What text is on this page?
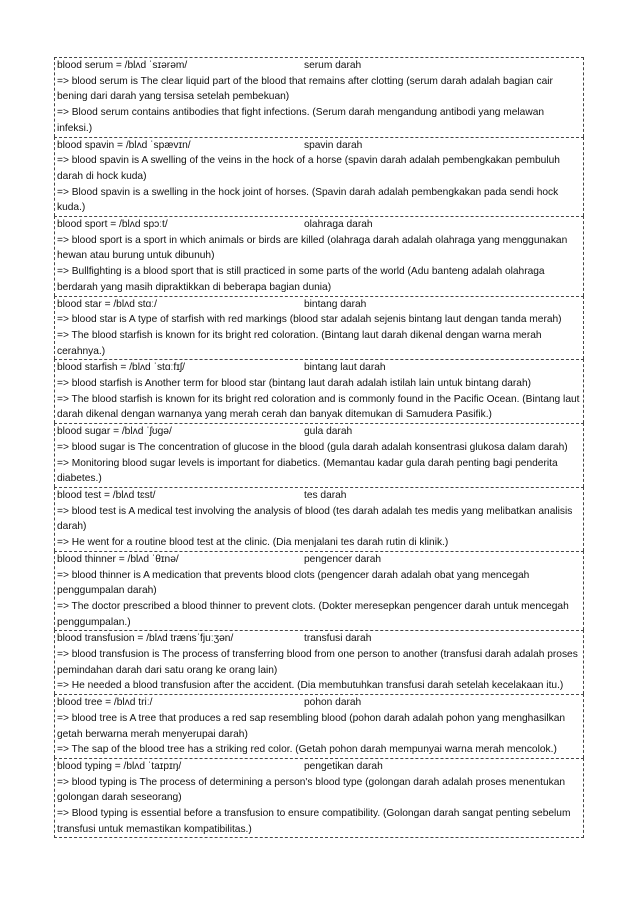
blood serum = /blʌd ˈsɪərəm/	serum darah

=> blood serum is The clear liquid part of the blood that remains after clotting (serum darah adalah bagian cair bening dari darah yang tersisa setelah pembekuan)

=> Blood serum contains antibodies that fight infections. (Serum darah mengandung antibodi yang melawan infeksi.)

blood spavin = /blʌd ˈspævɪn/	spavin darah

=> blood spavin is A swelling of the veins in the hock of a horse (spavin darah adalah pembengkakan pembuluh darah di hock kuda)

=> Blood spavin is a swelling in the hock joint of horses. (Spavin darah adalah pembengkakan pada sendi hock kuda.)

blood sport = /blʌd spɔːt/	olahraga darah

=> blood sport is a sport in which animals or birds are killed (olahraga darah adalah olahraga yang menggunakan hewan atau burung untuk dibunuh)

=> Bullfighting is a blood sport that is still practiced in some parts of the world (Adu banteng adalah olahraga berdarah yang masih dipraktikkan di beberapa bagian dunia)

blood star = /blʌd stɑː/	bintang darah

=> blood star is A type of starfish with red markings (blood star adalah sejenis bintang laut dengan tanda merah)

=> The blood starfish is known for its bright red coloration. (Bintang laut darah dikenal dengan warna merah cerahnya.)

blood starfish = /blʌd ˈstɑːfɪʃ/	bintang laut darah

=> blood starfish is Another term for blood star (bintang laut darah adalah istilah lain untuk bintang darah)

=> The blood starfish is known for its bright red coloration and is commonly found in the Pacific Ocean. (Bintang laut darah dikenal dengan warnanya yang merah cerah dan banyak ditemukan di Samudera Pasifik.)

blood sugar = /blʌd ˈʃʊɡə/	gula darah

=> blood sugar is The concentration of glucose in the blood (gula darah adalah konsentrasi glukosa dalam darah)

=> Monitoring blood sugar levels is important for diabetics. (Memantau kadar gula darah penting bagi penderita diabetes.)

blood test = /blʌd tɛst/	tes darah

=> blood test is A medical test involving the analysis of blood (tes darah adalah tes medis yang melibatkan analisis darah)

=> He went for a routine blood test at the clinic. (Dia menjalani tes darah rutin di klinik.)

blood thinner = /blʌd ˈθɪnə/	pengencer darah

=> blood thinner is A medication that prevents blood clots (pengencer darah adalah obat yang mencegah penggumpalan darah)

=> The doctor prescribed a blood thinner to prevent clots. (Dokter meresepkan pengencer darah untuk mencegah penggumpalan.)

blood transfusion = /blʌd trænsˈfjuːʒən/	transfusi darah

=> blood transfusion is The process of transferring blood from one person to another (transfusi darah adalah proses pemindahan darah dari satu orang ke orang lain)

=> He needed a blood transfusion after the accident. (Dia membutuhkan transfusi darah setelah kecelakaan itu.)

blood tree = /blʌd triː/	pohon darah

=> blood tree is A tree that produces a red sap resembling blood (pohon darah adalah pohon yang menghasilkan getah berwarna merah menyerupai darah)

=> The sap of the blood tree has a striking red color. (Getah pohon darah mempunyai warna merah mencolok.)

blood typing = /blʌd ˈtaɪpɪŋ/	pengetikan darah

=> blood typing is The process of determining a person's blood type (golongan darah adalah proses menentukan golongan darah seseorang)

=> Blood typing is essential before a transfusion to ensure compatibility. (Golongan darah sangat penting sebelum transfusi untuk memastikan kompatibilitas.)
